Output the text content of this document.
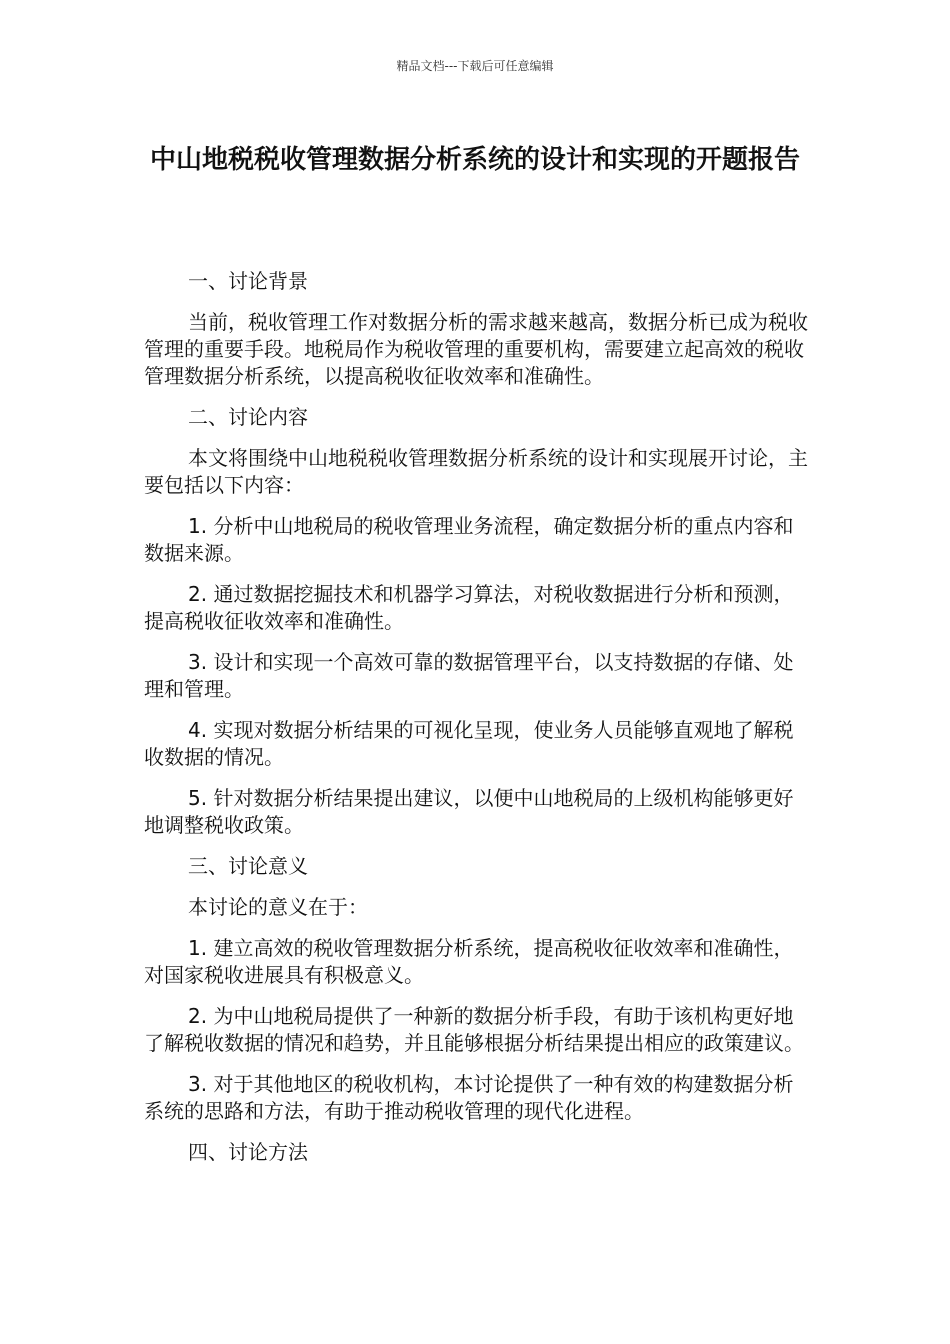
精品文档---下载后可任意编辑
中山地税税收管理数据分析系统的设计和实现的开题报告

一、讨论背景

当前，税收管理工作对数据分析的需求越来越高，数据分析已成为税收管理的重要手段。地税局作为税收管理的重要机构，需要建立起高效的税收管理数据分析系统，以提高税收征收效率和准确性。

二、讨论内容

本文将围绕中山地税税收管理数据分析系统的设计和实现展开讨论，主要包括以下内容：

1. 分析中山地税局的税收管理业务流程，确定数据分析的重点内容和数据来源。

2. 通过数据挖掘技术和机器学习算法，对税收数据进行分析和预测，提高税收征收效率和准确性。

3. 设计和实现一个高效可靠的数据管理平台，以支持数据的存储、处理和管理。

4. 实现对数据分析结果的可视化呈现，使业务人员能够直观地了解税收数据的情况。

5. 针对数据分析结果提出建议，以便中山地税局的上级机构能够更好地调整税收政策。

三、讨论意义

本讨论的意义在于：

1. 建立高效的税收管理数据分析系统，提高税收征收效率和准确性，对国家税收进展具有积极意义。

2. 为中山地税局提供了一种新的数据分析手段，有助于该机构更好地了解税收数据的情况和趋势，并且能够根据分析结果提出相应的政策建议。

3. 对于其他地区的税收机构，本讨论提供了一种有效的构建数据分析系统的思路和方法，有助于推动税收管理的现代化进程。

四、讨论方法
